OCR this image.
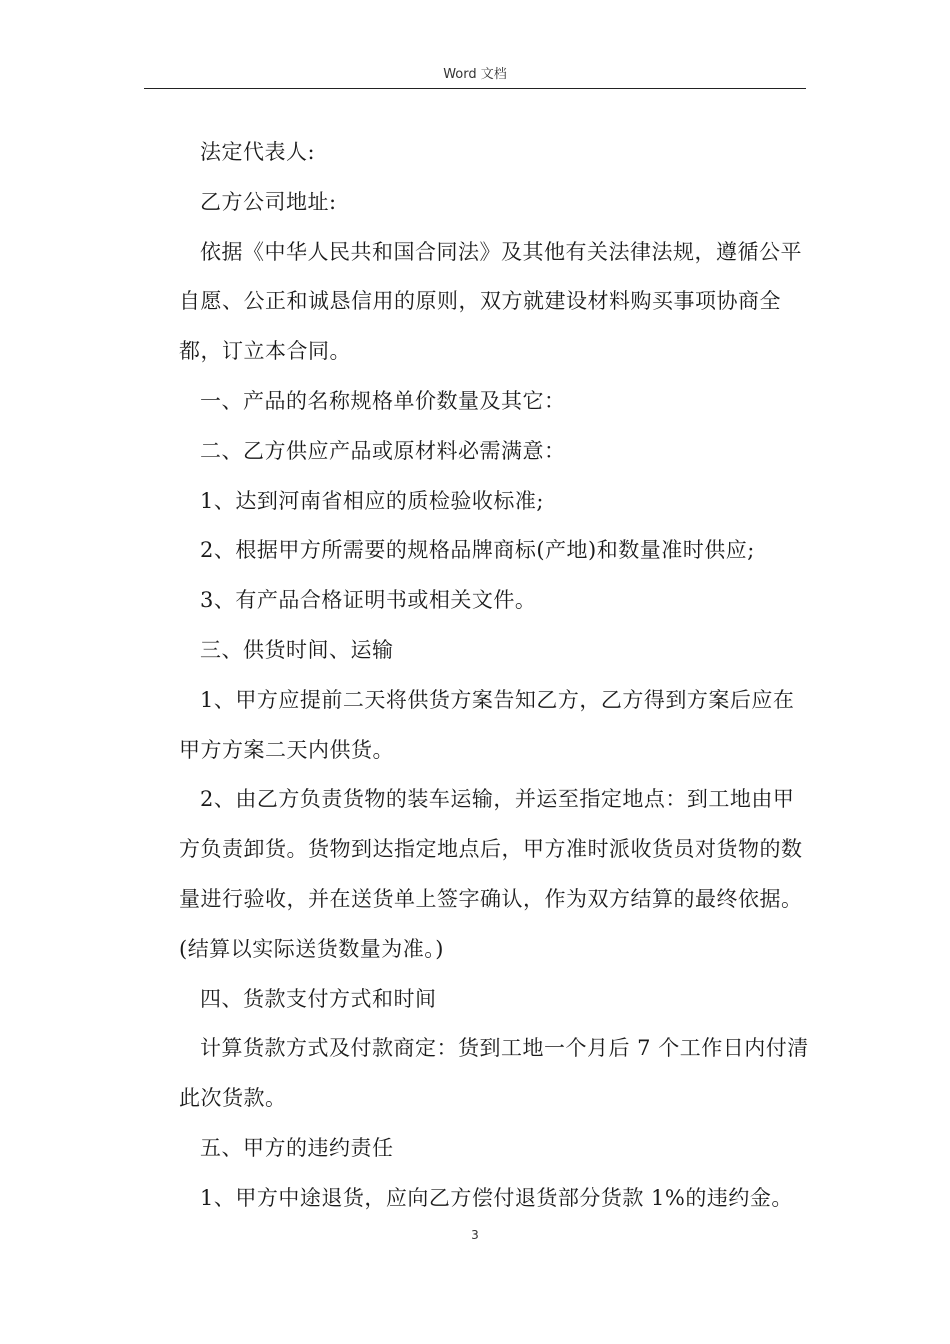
Word 文档

法定代表人:

乙方公司地址:

依据《中华人民共和国合同法》及其他有关法律法规，遵循公平自愿、公正和诚恳信用的原则，双方就建设材料购买事项协商全都，订立本合同。

一、产品的名称规格单价数量及其它：

二、乙方供应产品或原材料必需满意：

1、达到河南省相应的质检验收标准;

2、根据甲方所需要的规格品牌商标(产地)和数量准时供应;

3、有产品合格证明书或相关文件。

三、供货时间、运输

1、甲方应提前二天将供货方案告知乙方，乙方得到方案后应在甲方方案二天内供货。

2、由乙方负责货物的装车运输，并运至指定地点：到工地由甲方负责卸货。货物到达指定地点后，甲方准时派收货员对货物的数量进行验收，并在送货单上签字确认，作为双方结算的最终依据。(结算以实际送货数量为准。)

四、货款支付方式和时间

计算货款方式及付款商定：货到工地一个月后 7 个工作日内付清此次货款。

五、甲方的违约责任

1、甲方中途退货，应向乙方偿付退货部分货款 1%的违约金。

3
